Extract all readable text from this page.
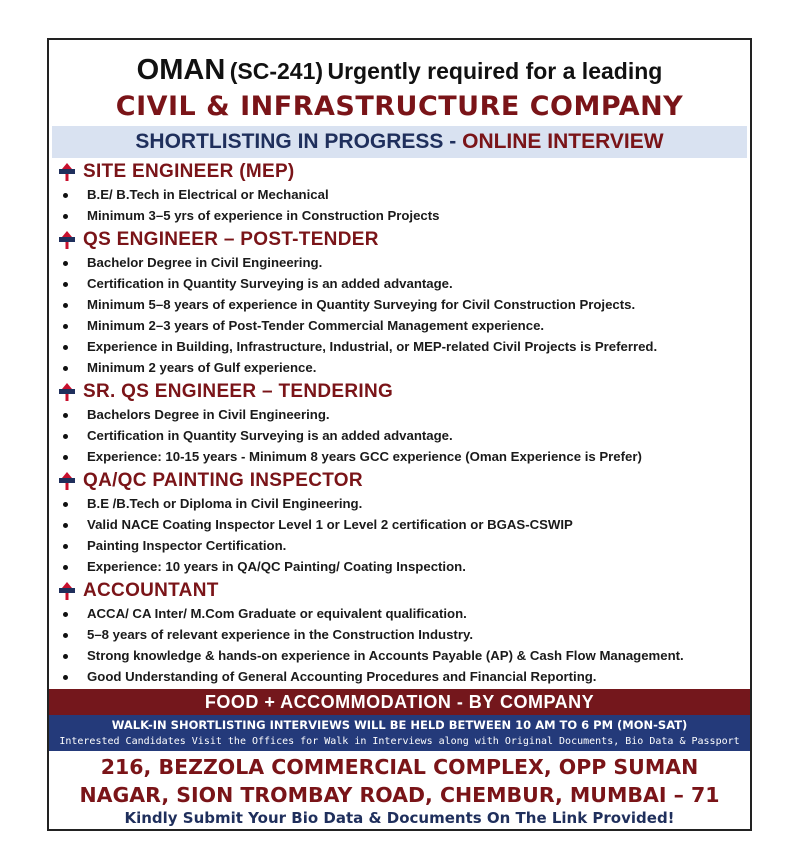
OMAN (SC-241) Urgently required for a leading
CIVIL & INFRASTRUCTURE COMPANY
SHORTLISTING IN PROGRESS - ONLINE INTERVIEW
SITE ENGINEER (MEP)
B.E/ B.Tech in Electrical or Mechanical
Minimum 3–5 yrs of experience in Construction Projects
QS ENGINEER – POST-TENDER
Bachelor Degree in Civil Engineering.
Certification in Quantity Surveying is an added advantage.
Minimum 5–8 years of experience in Quantity Surveying for Civil Construction Projects.
Minimum 2–3 years of Post-Tender Commercial Management experience.
Experience in Building, Infrastructure, Industrial, or MEP-related Civil Projects is Preferred.
Minimum 2 years of Gulf experience.
SR. QS ENGINEER – TENDERING
Bachelors Degree in Civil Engineering.
Certification in Quantity Surveying is an added advantage.
Experience: 10-15 years - Minimum 8 years GCC experience (Oman Experience is Prefer)
QA/QC PAINTING INSPECTOR
B.E /B.Tech or Diploma in Civil Engineering.
Valid NACE Coating Inspector Level 1 or Level 2 certification or BGAS-CSWIP
Painting Inspector Certification.
Experience: 10 years in QA/QC Painting/ Coating Inspection.
ACCOUNTANT
ACCA/ CA Inter/ M.Com Graduate or equivalent qualification.
5–8 years of relevant experience in the Construction Industry.
Strong knowledge & hands-on experience in Accounts Payable (AP) & Cash Flow Management.
Good Understanding of General Accounting Procedures and Financial Reporting.
FOOD + ACCOMMODATION - BY COMPANY
WALK-IN SHORTLISTING INTERVIEWS WILL BE HELD BETWEEN 10 AM TO 6 PM (MON-SAT)
Interested Candidates Visit the Offices for Walk in Interviews along with Original Documents, Bio Data & Passport
216, BEZZOLA COMMERCIAL COMPLEX, OPP SUMAN
NAGAR, SION TROMBAY ROAD, CHEMBUR, MUMBAI – 71
Kindly Submit Your Bio Data & Documents On The Link Provided!
